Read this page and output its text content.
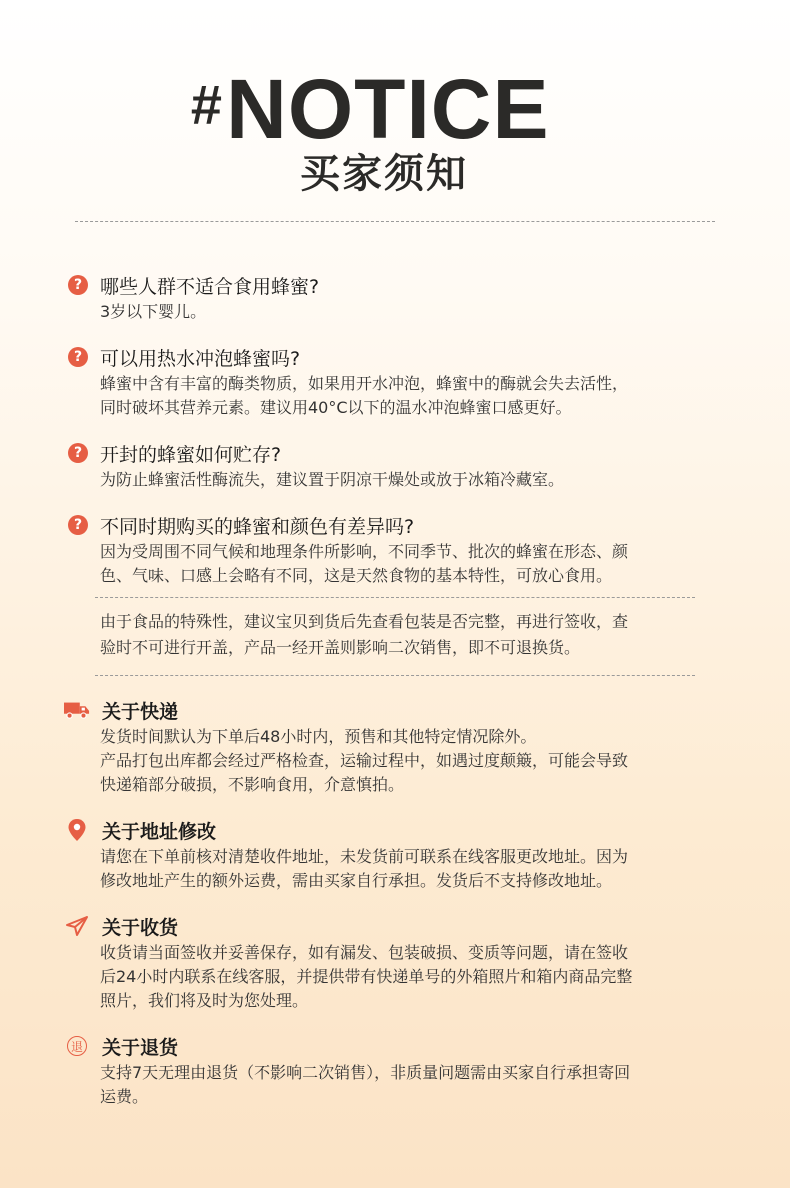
#NOTICE
买家须知
? 哪些人群不适合食用蜂蜜?
3岁以下婴儿。
? 可以用热水冲泡蜂蜜吗?
蜂蜜中含有丰富的酶类物质，如果用开水冲泡，蜂蜜中的酶就会失去活性，
同时破坏其营养元素。建议用40°C以下的温水冲泡蜂蜜口感更好。
? 开封的蜂蜜如何贮存?
为防止蜂蜜活性酶流失，建议置于阴凉干燥处或放于冰箱冷藏室。
? 不同时期购买的蜂蜜和颜色有差异吗?
因为受周围不同气候和地理条件所影响，不同季节、批次的蜂蜜在形态、颜
色、气味、口感上会略有不同，这是天然食物的基本特性，可放心食用。
由于食品的特殊性，建议宝贝到货后先查看包装是否完整，再进行签收，查
验时不可进行开盖，产品一经开盖则影响二次销售，即不可退换货。
关于快递
发货时间默认为下单后48小时内，预售和其他特定情况除外。
产品打包出库都会经过严格检查，运输过程中，如遇过度颠簸，可能会导致
快递箱部分破损，不影响食用，介意慎拍。
关于地址修改
请您在下单前核对清楚收件地址，未发货前可联系在线客服更改地址。因为
修改地址产生的额外运费，需由买家自行承担。发货后不支持修改地址。
关于收货
收货请当面签收并妥善保存，如有漏发、包装破损、变质等问题，请在签收
后24小时内联系在线客服，并提供带有快递单号的外箱照片和箱内商品完整
照片，我们将及时为您处理。
退 关于退货
支持7天无理由退货（不影响二次销售），非质量问题需由买家自行承担寄回
运费。
